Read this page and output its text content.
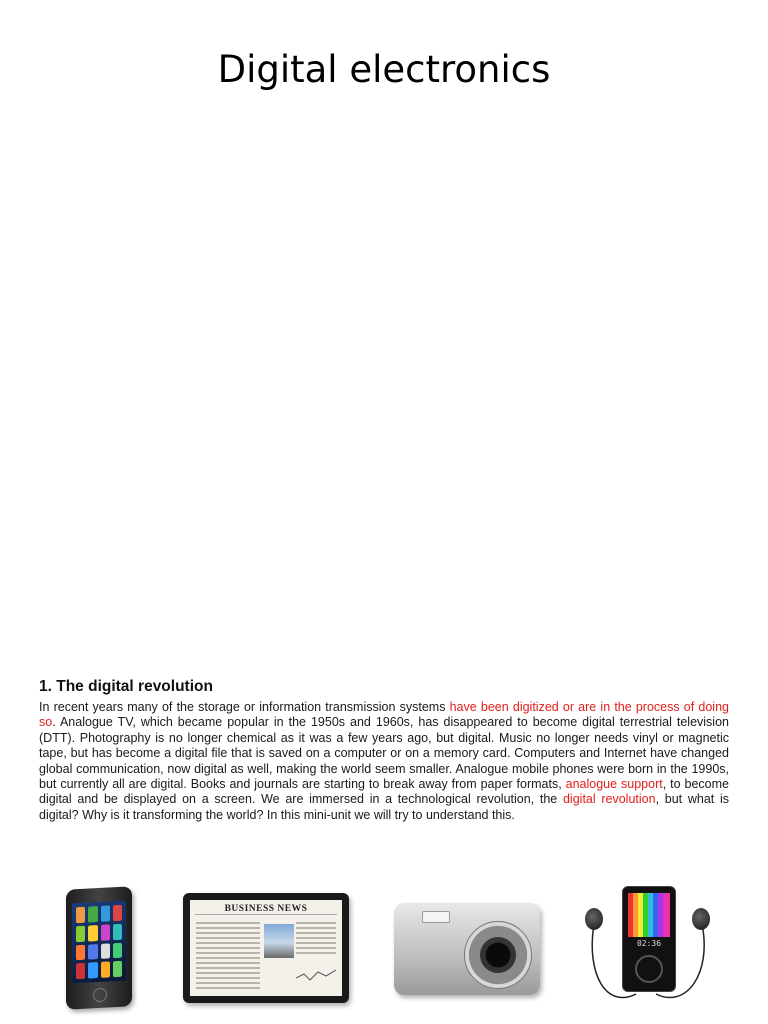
Digital electronics
1. The digital revolution

In recent years many of the storage or information transmission systems have been digitized or are in the process of doing so. Analogue TV, which became popular in the 1950s and 1960s, has disappeared to become digital terrestrial television (DTT). Photography is no longer chemical as it was a few years ago, but digital. Music no longer needs vinyl or magnetic tape, but has become a digital file that is saved on a computer or on a memory card. Computers and Internet have changed global communication, now digital as well, making the world seem smaller. Analogue mobile phones were born in the 1990s, but currently all are digital. Books and journals are starting to break away from paper formats, analogue support, to become digital and be displayed on a screen. We are immersed in a technological revolution, the digital revolution, but what is digital? Why is it transforming the world? In this mini-unit we will try to understand this.

BUSINESS NEWS
02:36
